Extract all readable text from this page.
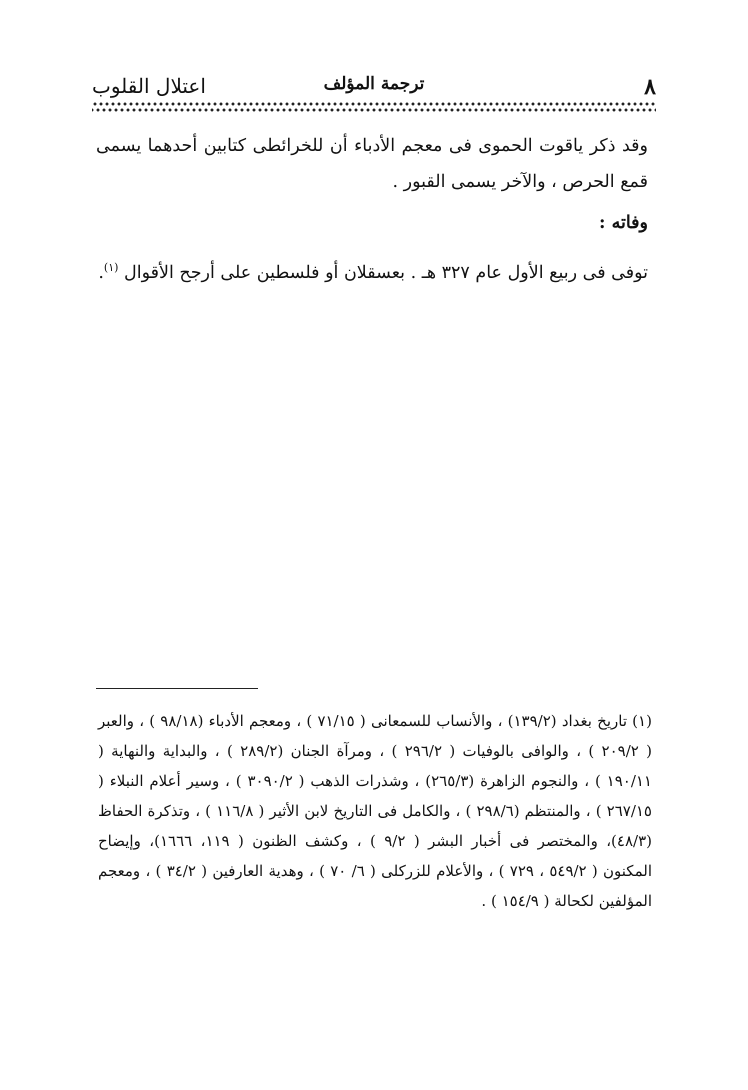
٨
ترجمة المؤلف
اعتلال القلوب

وقد ذكر ياقوت الحموى فى معجم الأدباء أن للخرائطى كتابين أحدهما يسمى قمع الحرص ، والآخر يسمى القبور .

وفاته :

توفى فى ربيع الأول عام ٣٢٧ هـ . بعسقلان أو فلسطين على أرجح الأقوال $^{(١)}$.

(١) تاريخ بغداد (١٣٩/٢) ، والأنساب للسمعانى ( ٧١/١٥ ) ، ومعجم الأدباء (٩٨/١٨ ) ، والعبر ( ٢٠٩/٢ ) ، والوافى بالوفيات ( ٢٩٦/٢ ) ، ومرآة الجنان (٢٨٩/٢ ) ، والبداية والنهاية ( ١٩٠/١١ ) ، والنجوم الزاهرة (٢٦٥/٣) ، وشذرات الذهب ( ٣٠٩٠/٢ ) ، وسير أعلام النبلاء ( ٢٦٧/١٥ ) ، والمنتظم (٢٩٨/٦ ) ، والكامل فى التاريخ لابن الأثير ( ١١٦/٨ ) ، وتذكرة الحفاظ (٤٨/٣)، والمختصر فى أخبار البشر ( ٩/٢ ) ، وكشف الظنون ( ١١٩، ١٦٦٦)، وإيضاح المكنون ( ٥٤٩/٢ ، ٧٢٩ ) ، والأعلام للزركلى ( ٦/ ٧٠ ) ، وهدية العارفين ( ٣٤/٢ ) ، ومعجم المؤلفين لكحالة ( ١٥٤/٩ ) .
